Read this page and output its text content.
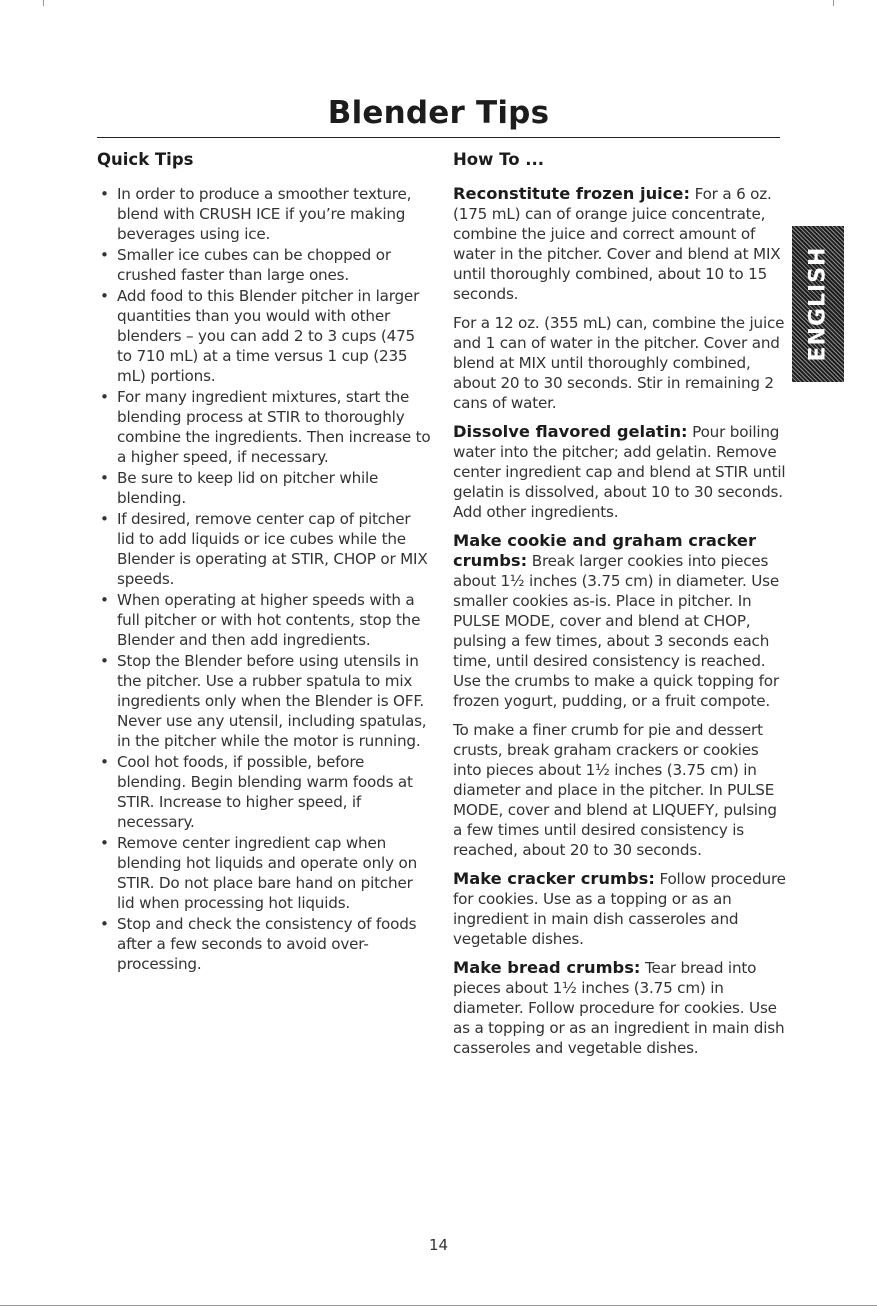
Blender Tips
Quick Tips
• In order to produce a smoother texture, blend with CRUSH ICE if you’re making beverages using ice.
• Smaller ice cubes can be chopped or crushed faster than large ones.
• Add food to this Blender pitcher in larger quantities than you would with other blenders – you can add 2 to 3 cups (475 to 710 mL) at a time versus 1 cup (235 mL) portions.
• For many ingredient mixtures, start the blending process at STIR to thoroughly combine the ingredients. Then increase to a higher speed, if necessary.
• Be sure to keep lid on pitcher while blending.
• If desired, remove center cap of pitcher lid to add liquids or ice cubes while the Blender is operating at STIR, CHOP or MIX speeds.
• When operating at higher speeds with a full pitcher or with hot contents, stop the Blender and then add ingredients.
• Stop the Blender before using utensils in the pitcher. Use a rubber spatula to mix ingredients only when the Blender is OFF. Never use any utensil, including spatulas, in the pitcher while the motor is running.
• Cool hot foods, if possible, before blending. Begin blending warm foods at STIR. Increase to higher speed, if necessary.
• Remove center ingredient cap when blending hot liquids and operate only on STIR. Do not place bare hand on pitcher lid when processing hot liquids.
• Stop and check the consistency of foods after a few seconds to avoid over-processing.
How To ...

Reconstitute frozen juice: For a 6 oz. (175 mL) can of orange juice concentrate, combine the juice and correct amount of water in the pitcher. Cover and blend at MIX until thoroughly combined, about 10 to 15 seconds.

For a 12 oz. (355 mL) can, combine the juice and 1 can of water in the pitcher. Cover and blend at MIX until thoroughly combined, about 20 to 30 seconds. Stir in remaining 2 cans of water.

Dissolve flavored gelatin: Pour boiling water into the pitcher; add gelatin. Remove center ingredient cap and blend at STIR until gelatin is dissolved, about 10 to 30 seconds. Add other ingredients.

Make cookie and graham cracker crumbs: Break larger cookies into pieces about 1½ inches (3.75 cm) in diameter. Use smaller cookies as-is. Place in pitcher. In PULSE MODE, cover and blend at CHOP, pulsing a few times, about 3 seconds each time, until desired consistency is reached. Use the crumbs to make a quick topping for frozen yogurt, pudding, or a fruit compote.

To make a finer crumb for pie and dessert crusts, break graham crackers or cookies into pieces about 1½ inches (3.75 cm) in diameter and place in the pitcher. In PULSE MODE, cover and blend at LIQUEFY, pulsing a few times until desired consistency is reached, about 20 to 30 seconds.

Make cracker crumbs: Follow procedure for cookies. Use as a topping or as an ingredient in main dish casseroles and vegetable dishes.

Make bread crumbs: Tear bread into pieces about 1½ inches (3.75 cm) in diameter. Follow procedure for cookies. Use as a topping or as an ingredient in main dish casseroles and vegetable dishes.

ENGLISH
14
